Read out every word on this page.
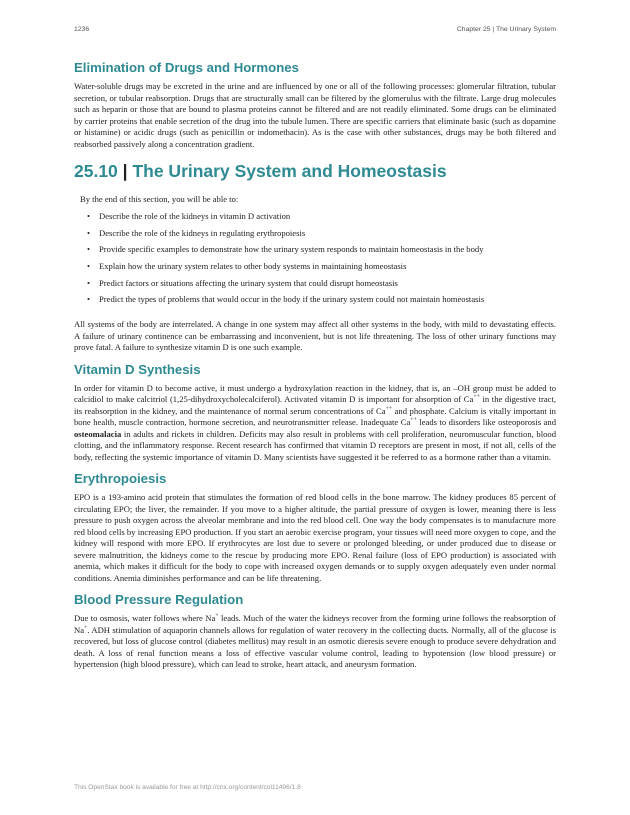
1236	Chapter 25 | The Urinary System
Elimination of Drugs and Hormones

Water-soluble drugs may be excreted in the urine and are influenced by one or all of the following processes: glomerular filtration, tubular secretion, or tubular reabsorption. Drugs that are structurally small can be filtered by the glomerulus with the filtrate. Large drug molecules such as heparin or those that are bound to plasma proteins cannot be filtered and are not readily eliminated. Some drugs can be eliminated by carrier proteins that enable secretion of the drug into the tubule lumen. There are specific carriers that eliminate basic (such as dopamine or histamine) or acidic drugs (such as penicillin or indomethacin). As is the case with other substances, drugs may be both filtered and reabsorbed passively along a concentration gradient.

25.10 | The Urinary System and Homeostasis

By the end of this section, you will be able to:

• Describe the role of the kidneys in vitamin D activation
• Describe the role of the kidneys in regulating erythropoiesis
• Provide specific examples to demonstrate how the urinary system responds to maintain homeostasis in the body
• Explain how the urinary system relates to other body systems in maintaining homeostasis
• Predict factors or situations affecting the urinary system that could disrupt homeostasis
• Predict the types of problems that would occur in the body if the urinary system could not maintain homeostasis

All systems of the body are interrelated. A change in one system may affect all other systems in the body, with mild to devastating effects. A failure of urinary continence can be embarrassing and inconvenient, but is not life threatening. The loss of other urinary functions may prove fatal. A failure to synthesize vitamin D is one such example.

Vitamin D Synthesis

In order for vitamin D to become active, it must undergo a hydroxylation reaction in the kidney, that is, an –OH group must be added to calcidiol to make calcitriol (1,25-dihydroxycholecalciferol). Activated vitamin D is important for absorption of Ca++ in the digestive tract, its reabsorption in the kidney, and the maintenance of normal serum concentrations of Ca++ and phosphate. Calcium is vitally important in bone health, muscle contraction, hormone secretion, and neurotransmitter release. Inadequate Ca++ leads to disorders like osteoporosis and osteomalacia in adults and rickets in children. Deficits may also result in problems with cell proliferation, neuromuscular function, blood clotting, and the inflammatory response. Recent research has confirmed that vitamin D receptors are present in most, if not all, cells of the body, reflecting the systemic importance of vitamin D. Many scientists have suggested it be referred to as a hormone rather than a vitamin.

Erythropoiesis

EPO is a 193-amino acid protein that stimulates the formation of red blood cells in the bone marrow. The kidney produces 85 percent of circulating EPO; the liver, the remainder. If you move to a higher altitude, the partial pressure of oxygen is lower, meaning there is less pressure to push oxygen across the alveolar membrane and into the red blood cell. One way the body compensates is to manufacture more red blood cells by increasing EPO production. If you start an aerobic exercise program, your tissues will need more oxygen to cope, and the kidney will respond with more EPO. If erythrocytes are lost due to severe or prolonged bleeding, or under produced due to disease or severe malnutrition, the kidneys come to the rescue by producing more EPO. Renal failure (loss of EPO production) is associated with anemia, which makes it difficult for the body to cope with increased oxygen demands or to supply oxygen adequately even under normal conditions. Anemia diminishes performance and can be life threatening.

Blood Pressure Regulation

Due to osmosis, water follows where Na+ leads. Much of the water the kidneys recover from the forming urine follows the reabsorption of Na+. ADH stimulation of aquaporin channels allows for regulation of water recovery in the collecting ducts. Normally, all of the glucose is recovered, but loss of glucose control (diabetes mellitus) may result in an osmotic dieresis severe enough to produce severe dehydration and death. A loss of renal function means a loss of effective vascular volume control, leading to hypotension (low blood pressure) or hypertension (high blood pressure), which can lead to stroke, heart attack, and aneurysm formation.

This OpenStax book is available for free at http://cnx.org/content/col11496/1.8
